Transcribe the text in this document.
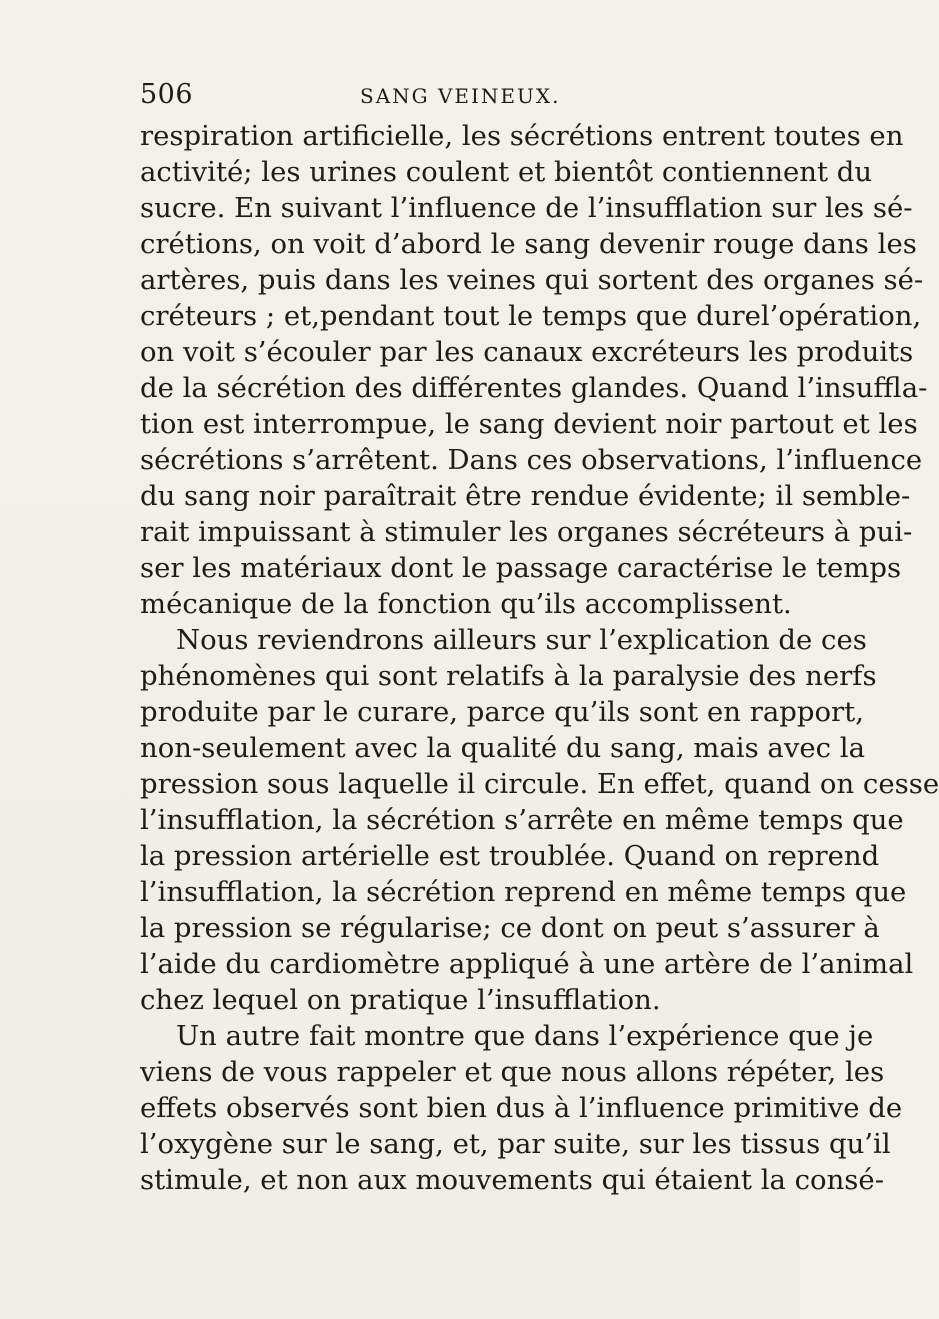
506	SANG VEINEUX.
respiration artificielle, les sécrétions entrent toutes en
activité; les urines coulent et bientôt contiennent du
sucre. En suivant l’influence de l’insufflation sur les sé-
crétions, on voit d’abord le sang devenir rouge dans les
artères, puis dans les veines qui sortent des organes sé-
créteurs ; et,pendant tout le temps que durel’opération,
on voit s’écouler par les canaux excréteurs les produits
de la sécrétion des différentes glandes. Quand l’insuffla-
tion est interrompue, le sang devient noir partout et les
sécrétions s’arrêtent. Dans ces observations, l’influence
du sang noir paraîtrait être rendue évidente; il semble-
rait impuissant à stimuler les organes sécréteurs à pui-
ser les matériaux dont le passage caractérise le temps
mécanique de la fonction qu’ils accomplissent.
Nous reviendrons ailleurs sur l’explication de ces
phénomènes qui sont relatifs à la paralysie des nerfs
produite par le curare, parce qu’ils sont en rapport,
non-seulement avec la qualité du sang, mais avec la
pression sous laquelle il circule. En effet, quand on cesse
l’insufflation, la sécrétion s’arrête en même temps que
la pression artérielle est troublée. Quand on reprend
l’insufflation, la sécrétion reprend en même temps que
la pression se régularise; ce dont on peut s’assurer à
l’aide du cardiomètre appliqué à une artère de l’animal
chez lequel on pratique l’insufflation.
Un autre fait montre que dans l’expérience que je
viens de vous rappeler et que nous allons répéter, les
effets observés sont bien dus à l’influence primitive de
l’oxygène sur le sang, et, par suite, sur les tissus qu’il
stimule, et non aux mouvements qui étaient la consé-
